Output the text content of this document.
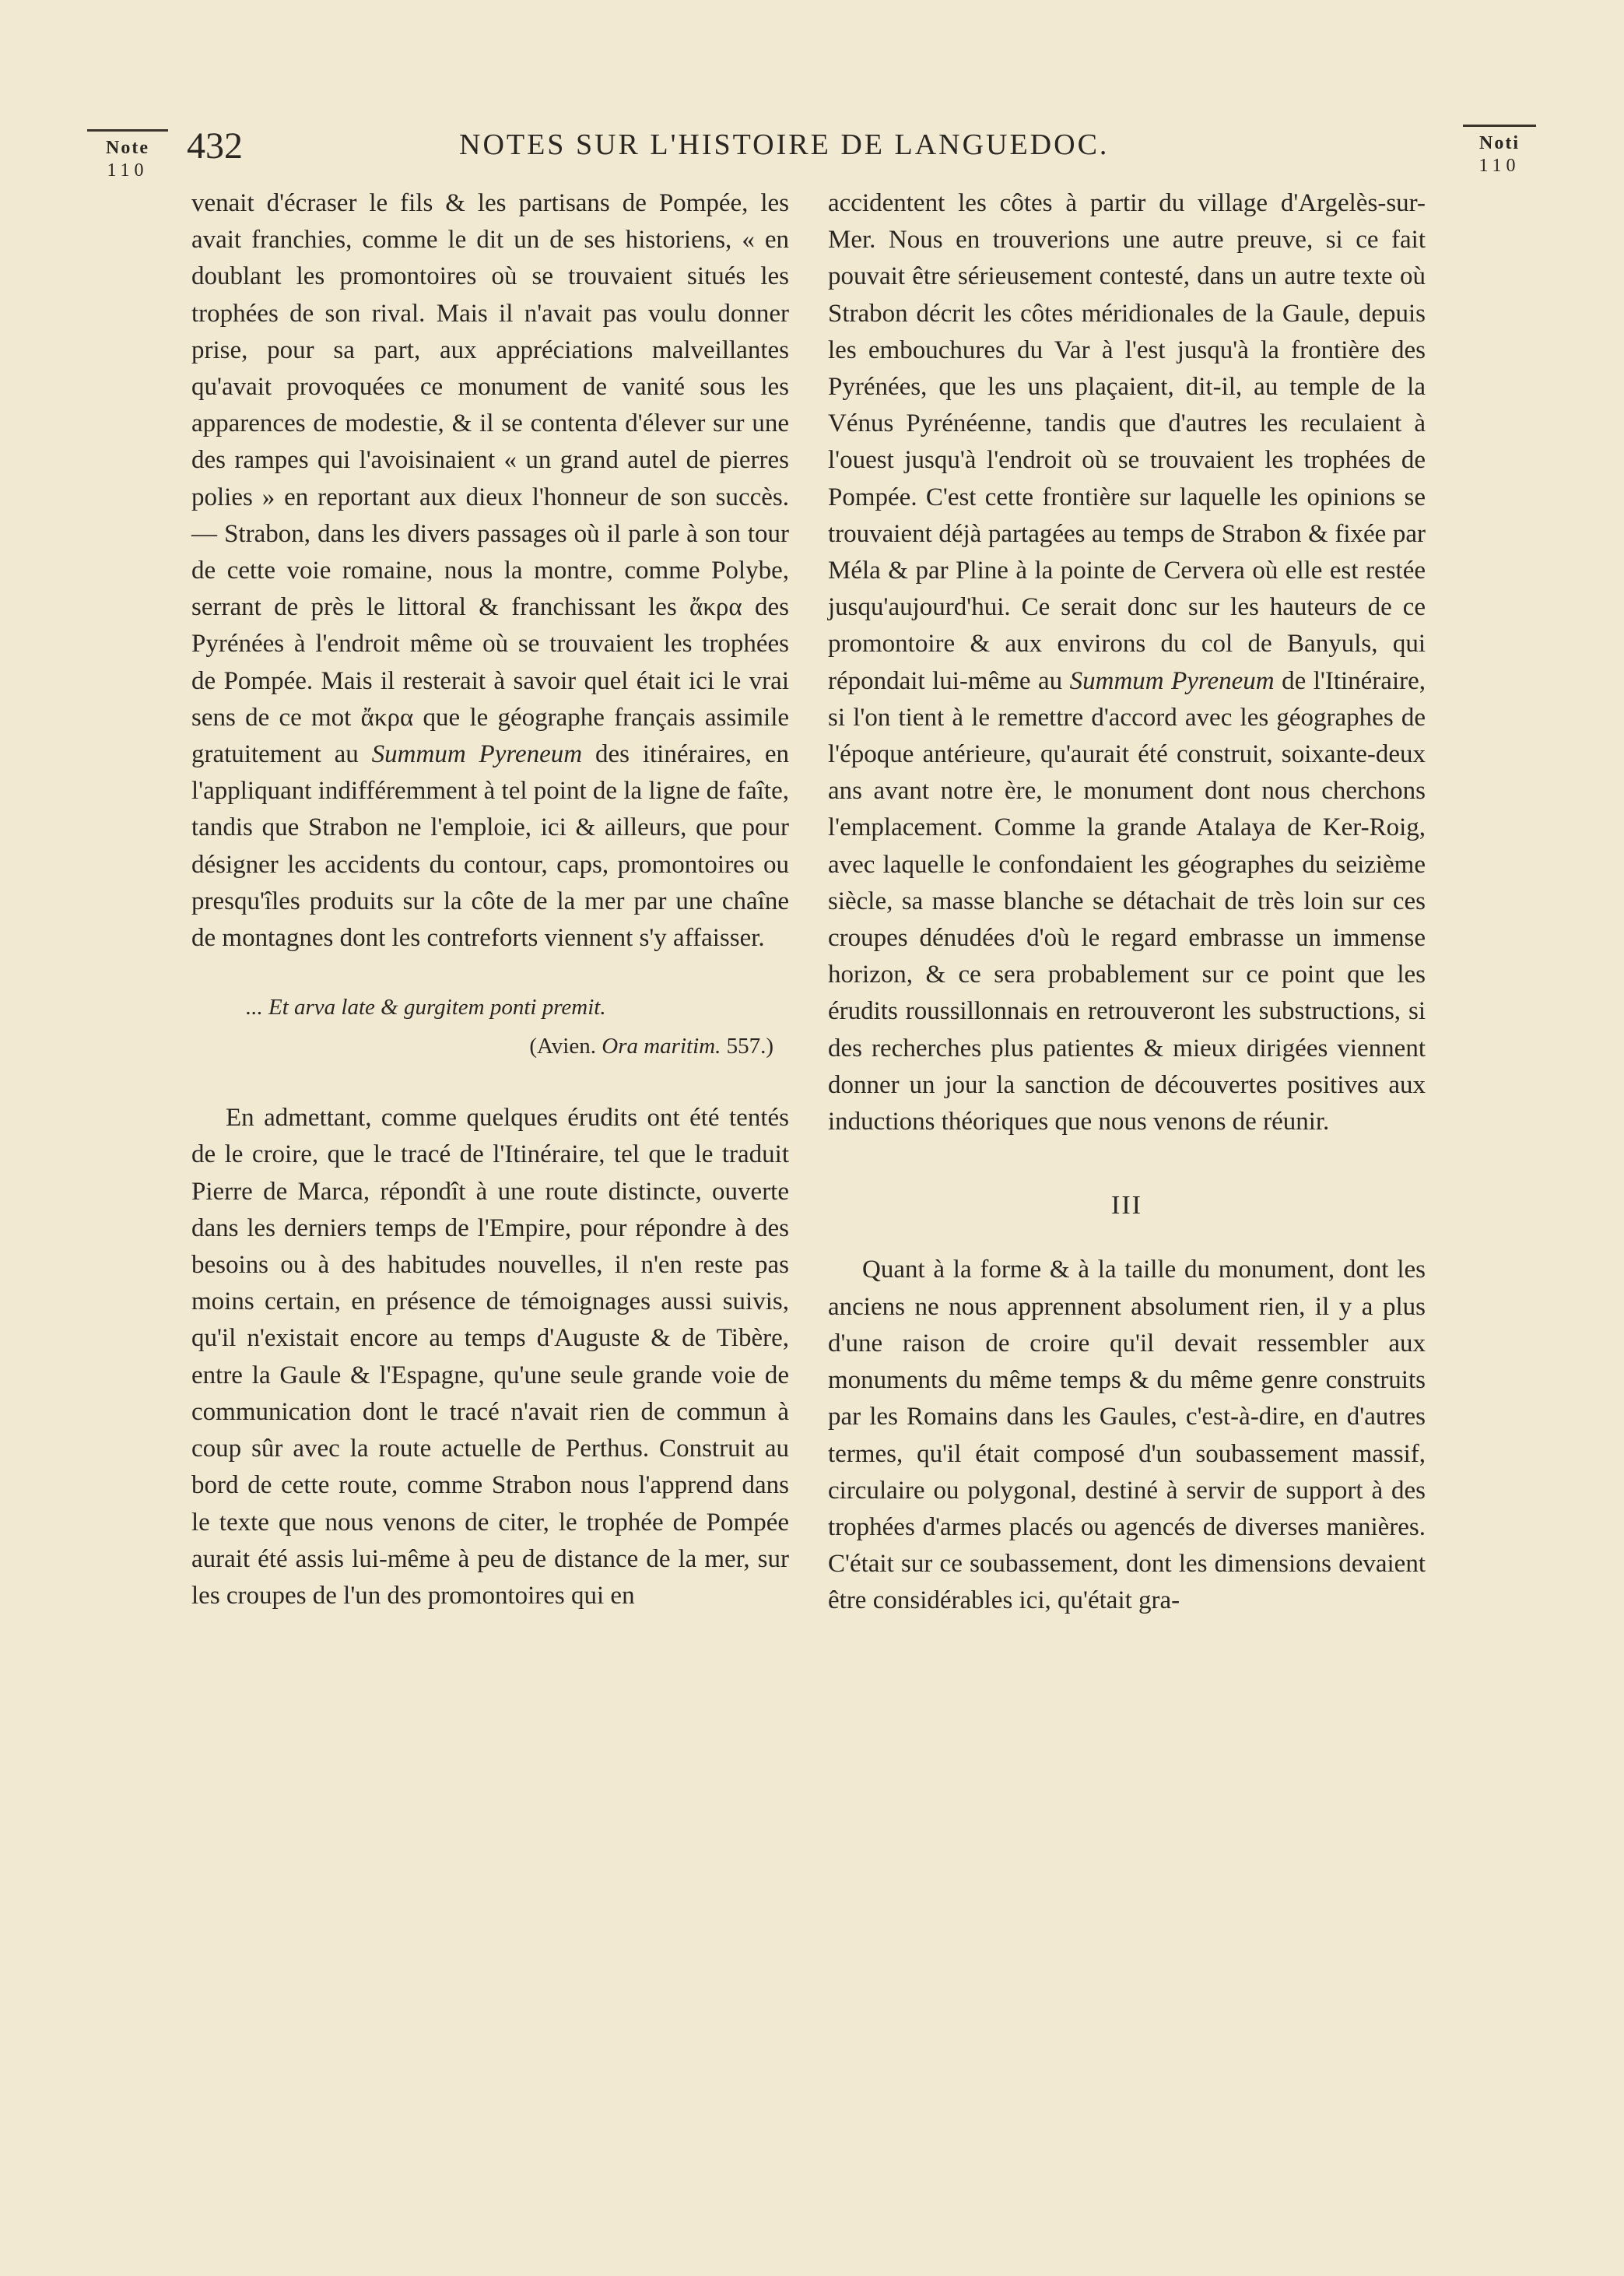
Note
110
Noti
110
432	NOTES SUR L'HISTOIRE DE LANGUEDOC.

venait d'écraser le fils & les partisans de Pompée, les avait franchies, comme le dit un de ses historiens, « en doublant les promontoires où se trouvaient situés les trophées de son rival. Mais il n'avait pas voulu donner prise, pour sa part, aux appréciations malveillantes qu'avait provoquées ce monument de vanité sous les apparences de modestie, & il se contenta d'élever sur une des rampes qui l'avoisinaient « un grand autel de pierres polies » en reportant aux dieux l'honneur de son succès. — Strabon, dans les divers passages où il parle à son tour de cette voie romaine, nous la montre, comme Polybe, serrant de près le littoral & franchissant les ἄκρα des Pyrénées à l'endroit même où se trouvaient les trophées de Pompée. Mais il resterait à savoir quel était ici le vrai sens de ce mot ἄκρα que le géographe français assimile gratuitement au Summum Pyreneum des itinéraires, en l'appliquant indifféremment à tel point de la ligne de faîte, tandis que Strabon ne l'emploie, ici & ailleurs, que pour désigner les accidents du contour, caps, promontoires ou presqu'îles produits sur la côte de la mer par une chaîne de montagnes dont les contreforts viennent s'y affaisser.

... Et arva late & gurgitem ponti premit.
(Avien. Ora maritim. 557.)

En admettant, comme quelques érudits ont été tentés de le croire, que le tracé de l'Itinéraire, tel que le traduit Pierre de Marca, répondît à une route distincte, ouverte dans les derniers temps de l'Empire, pour répondre à des besoins ou à des habitudes nouvelles, il n'en reste pas moins certain, en présence de témoignages aussi suivis, qu'il n'existait encore au temps d'Auguste & de Tibère, entre la Gaule & l'Espagne, qu'une seule grande voie de communication dont le tracé n'avait rien de commun à coup sûr avec la route actuelle de Perthus. Construit au bord de cette route, comme Strabon nous l'apprend dans le texte que nous venons de citer, le trophée de Pompée aurait été assis lui-même à peu de distance de la mer, sur les croupes de l'un des promontoires qui en

accidentent les côtes à partir du village d'Argelès-sur-Mer. Nous en trouverions une autre preuve, si ce fait pouvait être sérieusement contesté, dans un autre texte où Strabon décrit les côtes méridionales de la Gaule, depuis les embouchures du Var à l'est jusqu'à la frontière des Pyrénées, que les uns plaçaient, dit-il, au temple de la Vénus Pyrénéenne, tandis que d'autres les reculaient à l'ouest jusqu'à l'endroit où se trouvaient les trophées de Pompée. C'est cette frontière sur laquelle les opinions se trouvaient déjà partagées au temps de Strabon & fixée par Méla & par Pline à la pointe de Cervera où elle est restée jusqu'aujourd'hui. Ce serait donc sur les hauteurs de ce promontoire & aux environs du col de Banyuls, qui répondait lui-même au Summum Pyreneum de l'Itinéraire, si l'on tient à le remettre d'accord avec les géographes de l'époque antérieure, qu'aurait été construit, soixante-deux ans avant notre ère, le monument dont nous cherchons l'emplacement. Comme la grande Atalaya de Ker-Roig, avec laquelle le confondaient les géographes du seizième siècle, sa masse blanche se détachait de très loin sur ces croupes dénudées d'où le regard embrasse un immense horizon, & ce sera probablement sur ce point que les érudits roussillonnais en retrouveront les substructions, si des recherches plus patientes & mieux dirigées viennent donner un jour la sanction de découvertes positives aux inductions théoriques que nous venons de réunir.

III

Quant à la forme & à la taille du monument, dont les anciens ne nous apprennent absolument rien, il y a plus d'une raison de croire qu'il devait ressembler aux monuments du même temps & du même genre construits par les Romains dans les Gaules, c'est-à-dire, en d'autres termes, qu'il était composé d'un soubassement massif, circulaire ou polygonal, destiné à servir de support à des trophées d'armes placés ou agencés de diverses manières. C'était sur ce soubassement, dont les dimensions devaient être considérables ici, qu'était gra-
